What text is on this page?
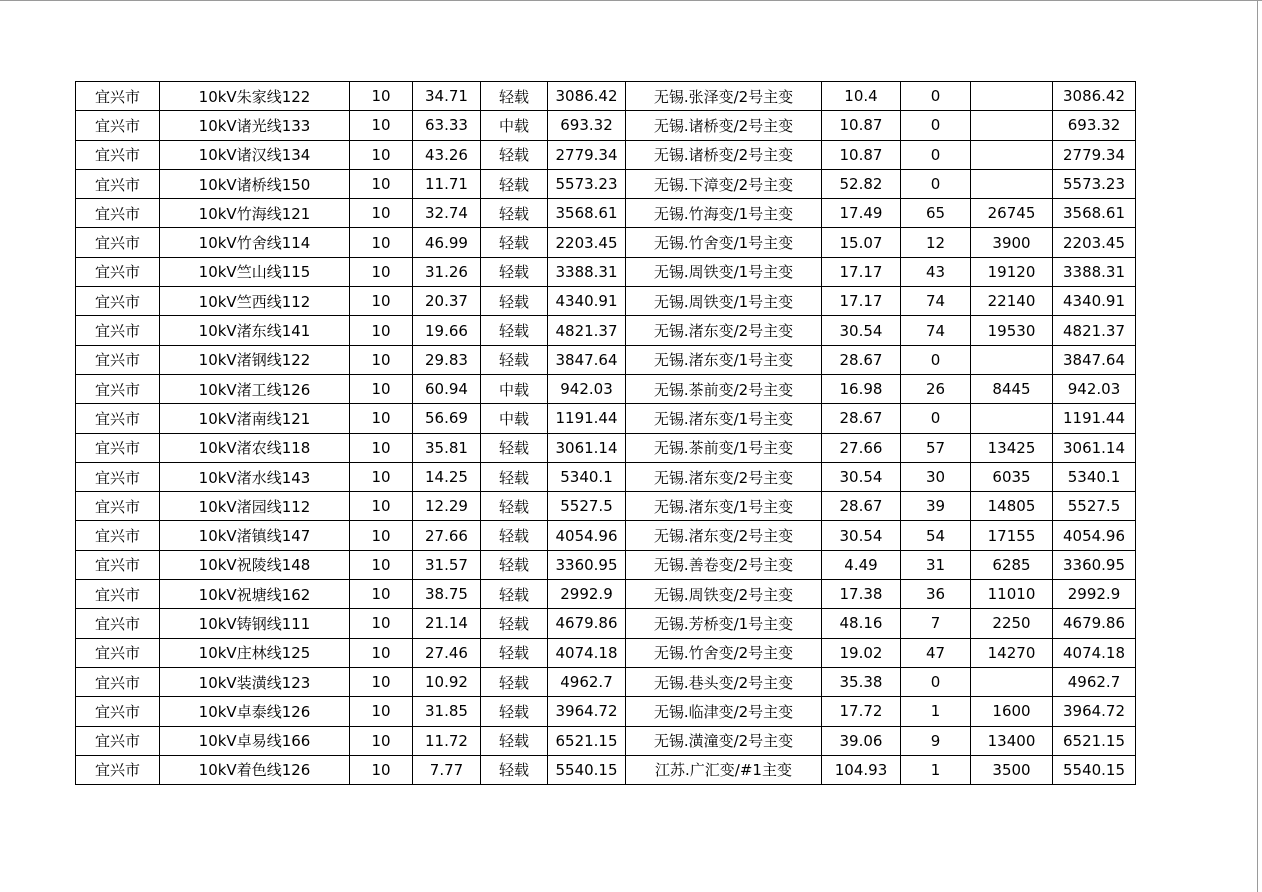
宜兴市	10kV朱家线122	10	34.71	轻载	3086.42	无锡.张泽变/2号主变	10.4	0		3086.42
宜兴市	10kV诸光线133	10	63.33	中载	693.32	无锡.诸桥变/2号主变	10.87	0		693.32
宜兴市	10kV诸汉线134	10	43.26	轻载	2779.34	无锡.诸桥变/2号主变	10.87	0		2779.34
宜兴市	10kV诸桥线150	10	11.71	轻载	5573.23	无锡.下漳变/2号主变	52.82	0		5573.23
宜兴市	10kV竹海线121	10	32.74	轻载	3568.61	无锡.竹海变/1号主变	17.49	65	26745	3568.61
宜兴市	10kV竹舍线114	10	46.99	轻载	2203.45	无锡.竹舍变/1号主变	15.07	12	3900	2203.45
宜兴市	10kV竺山线115	10	31.26	轻载	3388.31	无锡.周铁变/1号主变	17.17	43	19120	3388.31
宜兴市	10kV竺西线112	10	20.37	轻载	4340.91	无锡.周铁变/1号主变	17.17	74	22140	4340.91
宜兴市	10kV渚东线141	10	19.66	轻载	4821.37	无锡.渚东变/2号主变	30.54	74	19530	4821.37
宜兴市	10kV渚钢线122	10	29.83	轻载	3847.64	无锡.渚东变/1号主变	28.67	0		3847.64
宜兴市	10kV渚工线126	10	60.94	中载	942.03	无锡.茶前变/2号主变	16.98	26	8445	942.03
宜兴市	10kV渚南线121	10	56.69	中载	1191.44	无锡.渚东变/1号主变	28.67	0		1191.44
宜兴市	10kV渚农线118	10	35.81	轻载	3061.14	无锡.茶前变/1号主变	27.66	57	13425	3061.14
宜兴市	10kV渚水线143	10	14.25	轻载	5340.1	无锡.渚东变/2号主变	30.54	30	6035	5340.1
宜兴市	10kV渚园线112	10	12.29	轻载	5527.5	无锡.渚东变/1号主变	28.67	39	14805	5527.5
宜兴市	10kV渚镇线147	10	27.66	轻载	4054.96	无锡.渚东变/2号主变	30.54	54	17155	4054.96
宜兴市	10kV祝陵线148	10	31.57	轻载	3360.95	无锡.善卷变/2号主变	4.49	31	6285	3360.95
宜兴市	10kV祝塘线162	10	38.75	轻载	2992.9	无锡.周铁变/2号主变	17.38	36	11010	2992.9
宜兴市	10kV铸钢线111	10	21.14	轻载	4679.86	无锡.芳桥变/1号主变	48.16	7	2250	4679.86
宜兴市	10kV庄林线125	10	27.46	轻载	4074.18	无锡.竹舍变/2号主变	19.02	47	14270	4074.18
宜兴市	10kV装潢线123	10	10.92	轻载	4962.7	无锡.巷头变/2号主变	35.38	0		4962.7
宜兴市	10kV卓泰线126	10	31.85	轻载	3964.72	无锡.临津变/2号主变	17.72	1	1600	3964.72
宜兴市	10kV卓易线166	10	11.72	轻载	6521.15	无锡.潢潼变/2号主变	39.06	9	13400	6521.15
宜兴市	10kV着色线126	10	7.77	轻载	5540.15	江苏.广汇变/#1主变	104.93	1	3500	5540.15
